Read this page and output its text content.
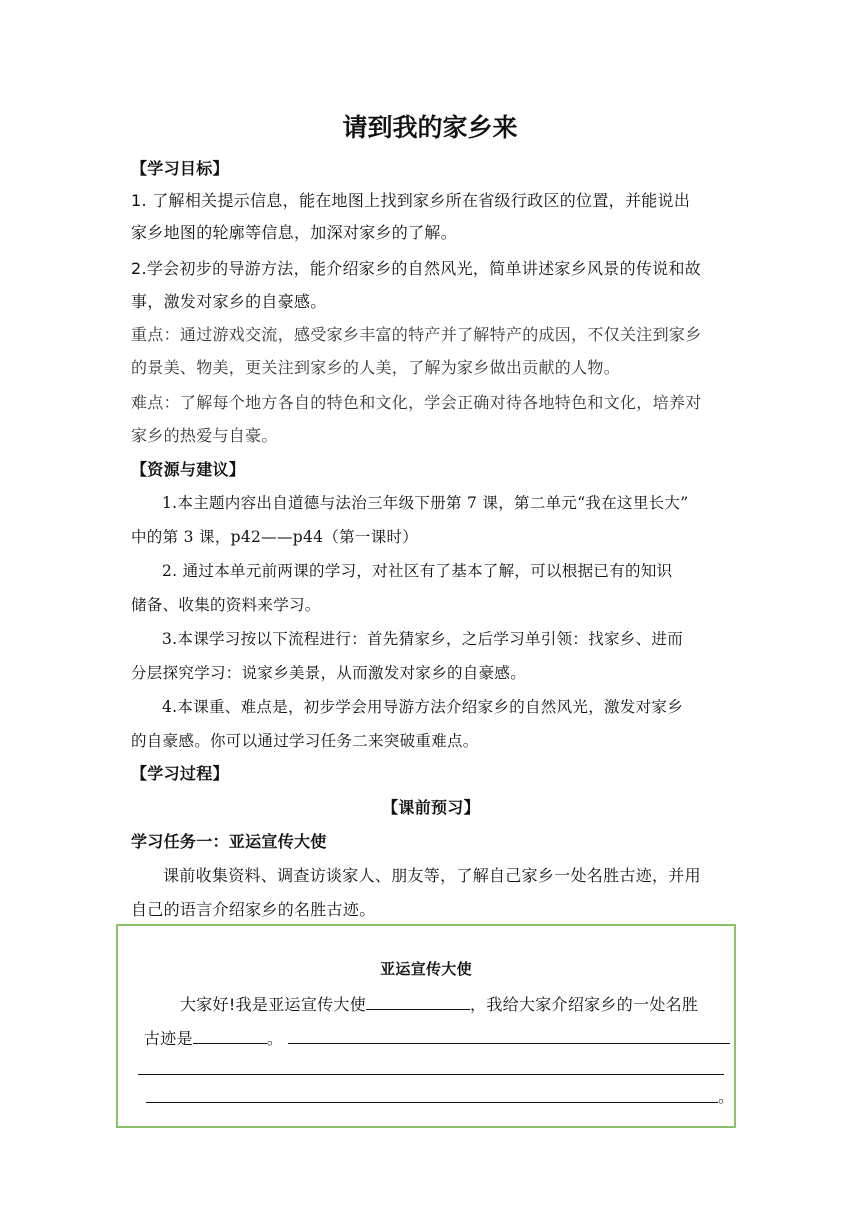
请到我的家乡来
【学习目标】
1. 了解相关提示信息，能在地图上找到家乡所在省级行政区的位置，并能说出
家乡地图的轮廓等信息，加深对家乡的了解。
2.学会初步的导游方法，能介绍家乡的自然风光，简单讲述家乡风景的传说和故
事，激发对家乡的自豪感。
重点：通过游戏交流，感受家乡丰富的特产并了解特产的成因，不仅关注到家乡
的景美、物美，更关注到家乡的人美，了解为家乡做出贡献的人物。
难点：了解每个地方各自的特色和文化，学会正确对待各地特色和文化，培养对
家乡的热爱与自豪。
【资源与建议】
1.本主题内容出自道德与法治三年级下册第 7 课，第二单元“我在这里长大”
中的第 3 课，p42——p44（第一课时）
2. 通过本单元前两课的学习，对社区有了基本了解，可以根据已有的知识
储备、收集的资料来学习。
3.本课学习按以下流程进行：首先猜家乡，之后学习单引领：找家乡、进而
分层探究学习：说家乡美景，从而激发对家乡的自豪感。
4.本课重、难点是，初步学会用导游方法介绍家乡的自然风光，激发对家乡
的自豪感。你可以通过学习任务二来突破重难点。
【学习过程】
【课前预习】
学习任务一：亚运宣传大使
课前收集资料、调查访谈家人、朋友等，了解自己家乡一处名胜古迹，并用
自己的语言介绍家乡的名胜古迹。
亚运宣传大使
大家好!我是亚运宣传大使	，我给大家介绍家乡的一处名胜
古迹是	。
。
